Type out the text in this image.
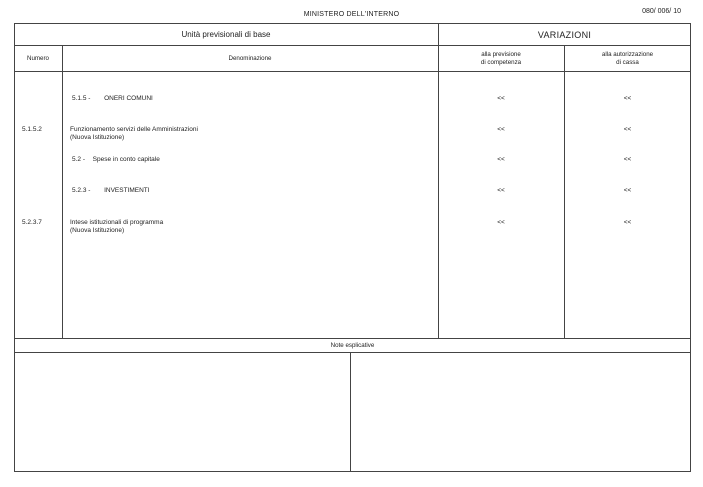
MINISTERO DELL'INTERNO	080/ 006/ 10
Unità previsionali di base	VARIAZIONI
Numero	Denominazione
alla previsione
di competenza
alla autorizzazione
di cassa
5.1.5 - ONERI COMUNI	<<	<<
5.1.5.2	Funzionamento servizi delle Amministrazioni
(Nuova Istituzione)
<<	<<
5.2 - Spese in conto capitale	<<	<<
5.2.3 - INVESTIMENTI	<<	<<
5.2.3.7	Intese istituzionali di programma
(Nuova Istituzione)
<<	<<
Note esplicative
